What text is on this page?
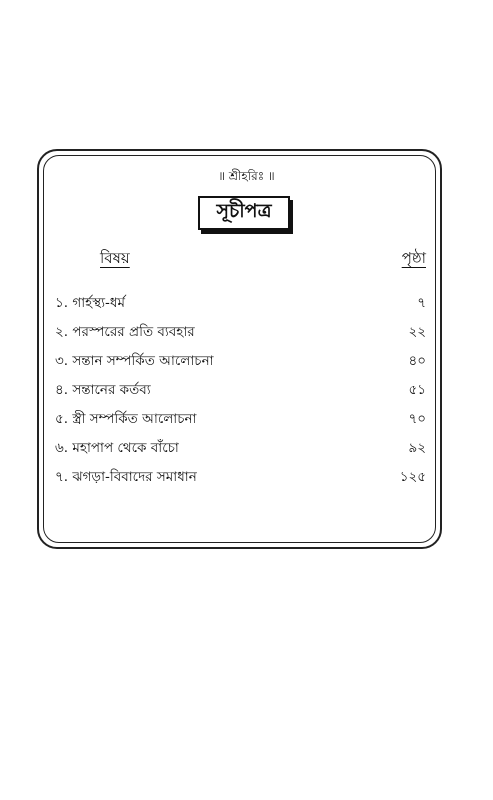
॥ শ্রীহরিঃ ॥
সূচীপত্র
বিষয়	পৃষ্ঠা
১. গার্হস্থ্য-ধর্ম	৭
২. পরস্পরের প্রতি ব্যবহার	২২
৩. সন্তান সম্পর্কিত আলোচনা	৪০
৪. সন্তানের কর্তব্য	৫১
৫. স্ত্রী সম্পর্কিত আলোচনা	৭০
৬. মহাপাপ থেকে বাঁচো	৯২
৭. ঝগড়া-বিবাদের সমাধান	১২৫
